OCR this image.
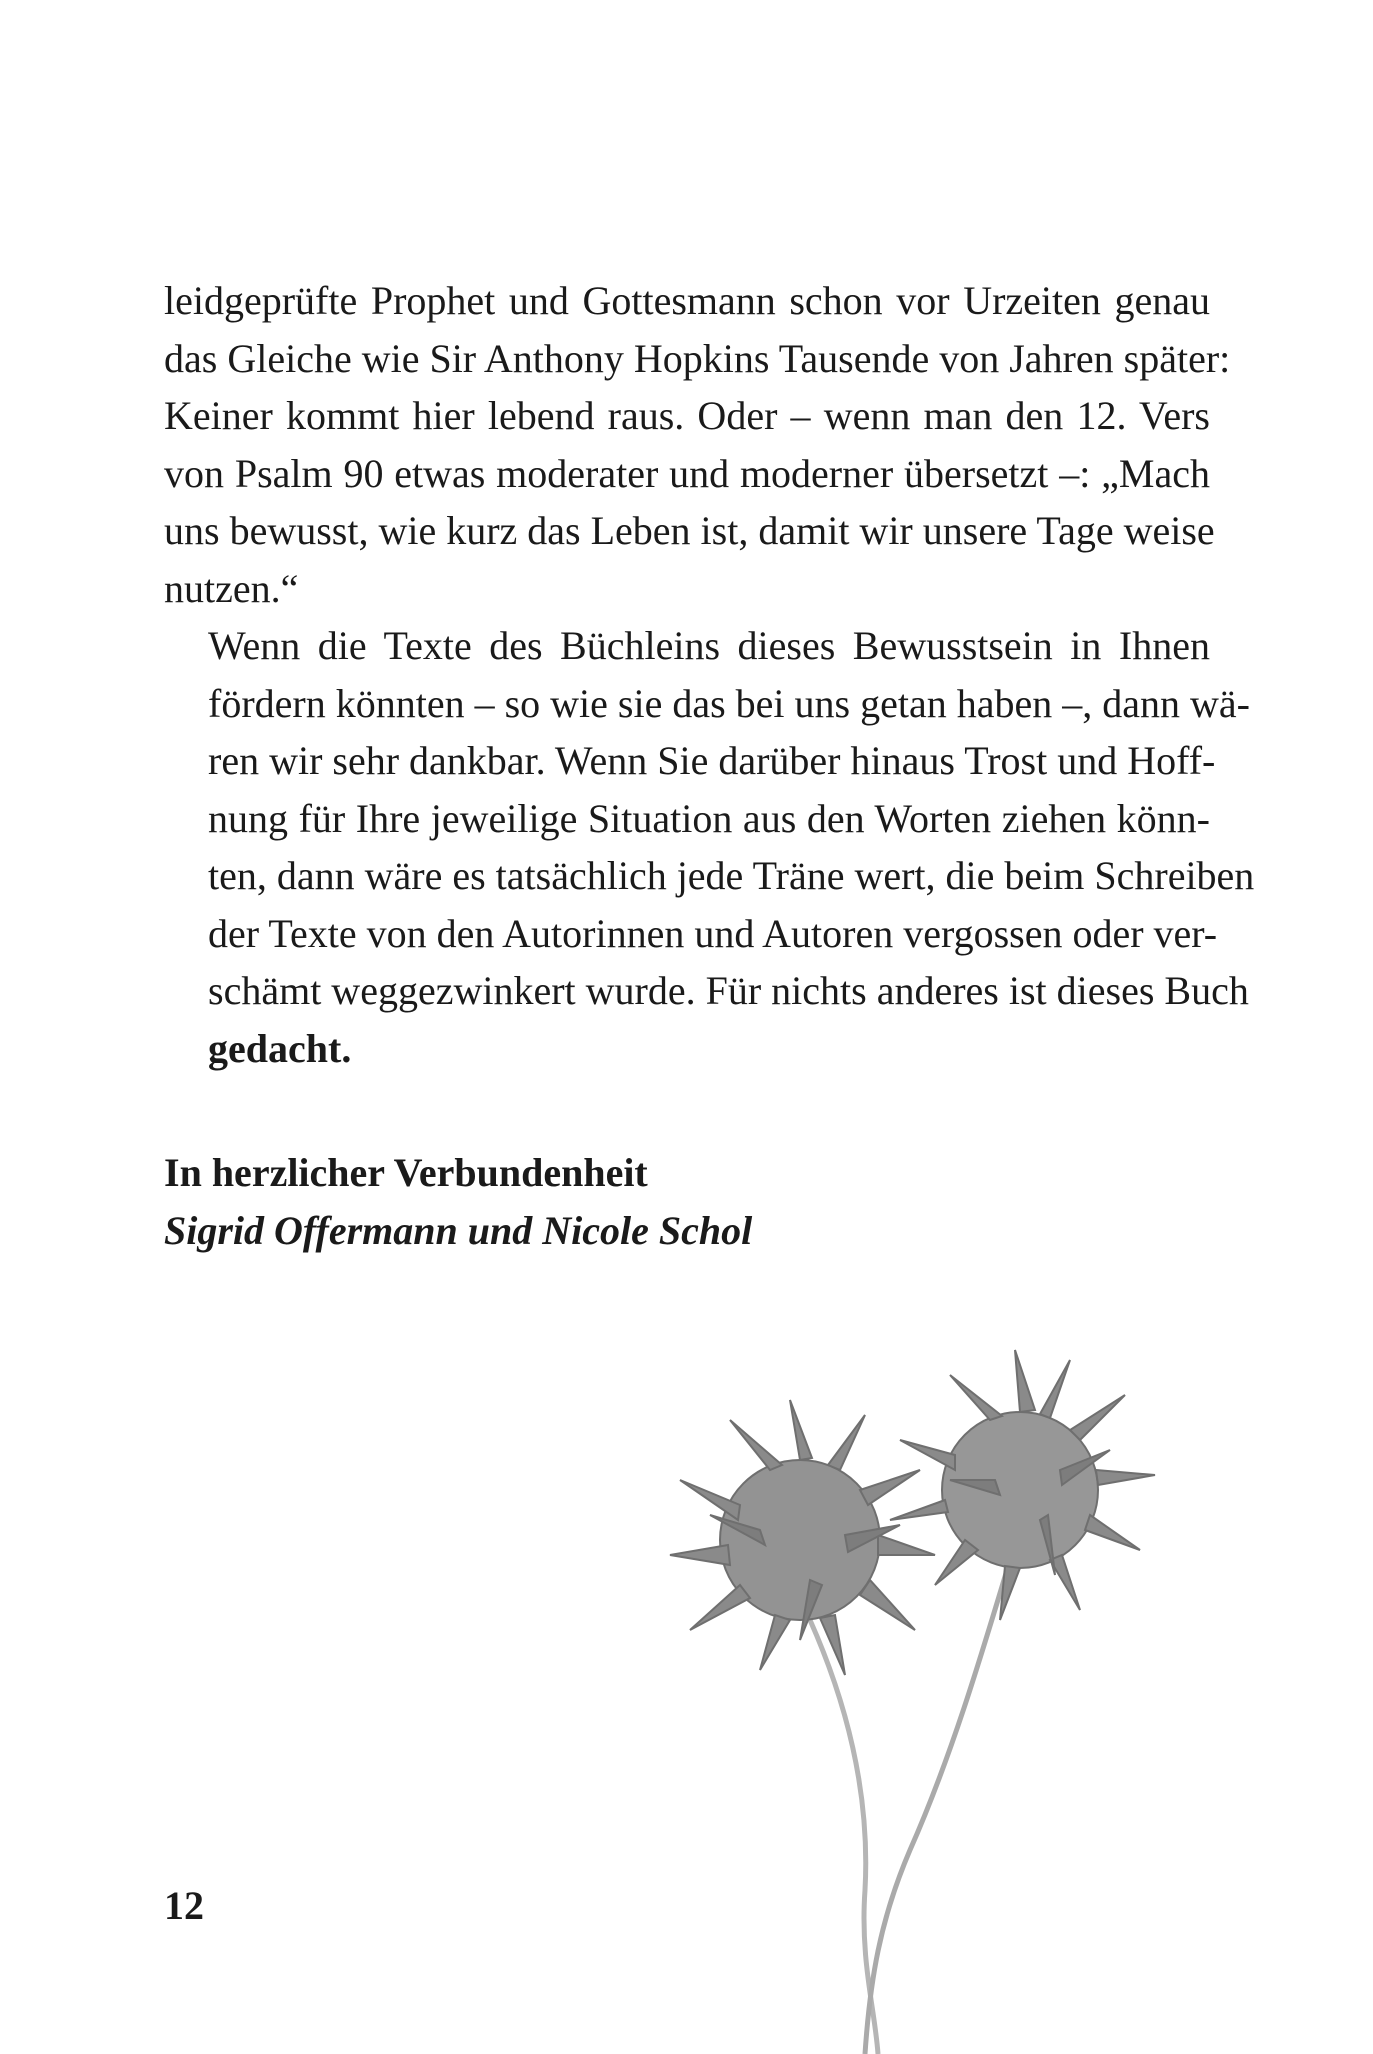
leidgeprüfte Prophet und Gottesmann schon vor Urzeiten genau
das Gleiche wie Sir Anthony Hopkins Tausende von Jahren später:
Keiner kommt hier lebend raus. Oder – wenn man den 12. Vers
von Psalm 90 etwas moderater und moderner übersetzt –: „Mach
uns bewusst, wie kurz das Leben ist, damit wir unsere Tage weise
nutzen.“

Wenn die Texte des Büchleins dieses Bewusstsein in Ihnen
fördern könnten – so wie sie das bei uns getan haben –, dann wä-
ren wir sehr dankbar. Wenn Sie darüber hinaus Trost und Hoff-
nung für Ihre jeweilige Situation aus den Worten ziehen könn-
ten, dann wäre es tatsächlich jede Träne wert, die beim Schreiben
der Texte von den Autorinnen und Autoren vergossen oder ver-
schämt weggezwinkert wurde. Für nichts anderes ist dieses Buch
gedacht.

In herzlicher Verbundenheit
Sigrid Offermann und Nicole Schol
12
